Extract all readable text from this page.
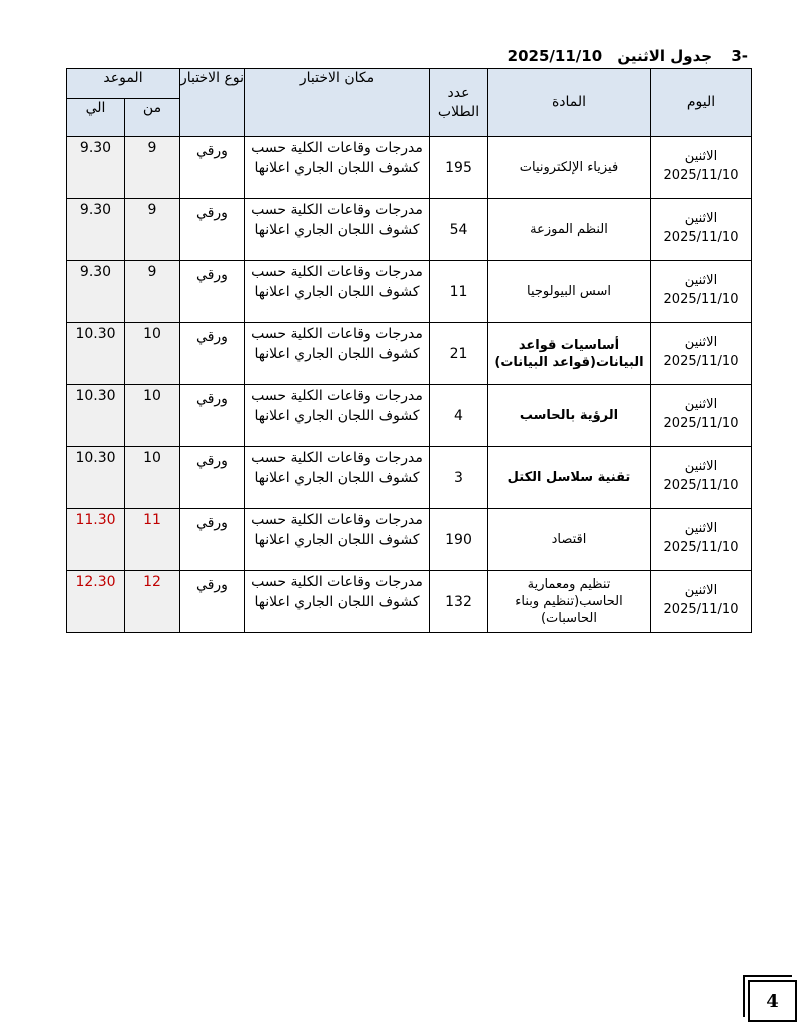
-3 جدول الاثنين 2025/11/10
اليوم	المادة	عدد الطلاب	مكان الاختبار	نوع الاختبار	الموعد	
					من	الي

الاثنين
2025/11/10	فيزياء الإلكترونيات	195	مدرجات وقاعات الكلية حسب كشوف اللجان الجاري اعلانها	ورقي	9	9.30

الاثنين
2025/11/10	النظم الموزعة	54	مدرجات وقاعات الكلية حسب كشوف اللجان الجاري اعلانها	ورقي	9	9.30

الاثنين
2025/11/10	اسس البيولوجيا	11	مدرجات وقاعات الكلية حسب كشوف اللجان الجاري اعلانها	ورقي	9	9.30

الاثنين
2025/11/10	أساسيات قواعد البيانات(قواعد البيانات)	21	مدرجات وقاعات الكلية حسب كشوف اللجان الجاري اعلانها	ورقي	10	10.30

الاثنين
2025/11/10	الرؤية بالحاسب	4	مدرجات وقاعات الكلية حسب كشوف اللجان الجاري اعلانها	ورقي	10	10.30

الاثنين
2025/11/10	تقنية سلاسل الكتل	3	مدرجات وقاعات الكلية حسب كشوف اللجان الجاري اعلانها	ورقي	10	10.30

الاثنين
2025/11/10	اقتصاد	190	مدرجات وقاعات الكلية حسب كشوف اللجان الجاري اعلانها	ورقي	11	11.30

الاثنين
2025/11/10	تنظيم ومعمارية الحاسب(تنظيم وبناء الحاسبات)	132	مدرجات وقاعات الكلية حسب كشوف اللجان الجاري اعلانها	ورقي	12	12.30
4
